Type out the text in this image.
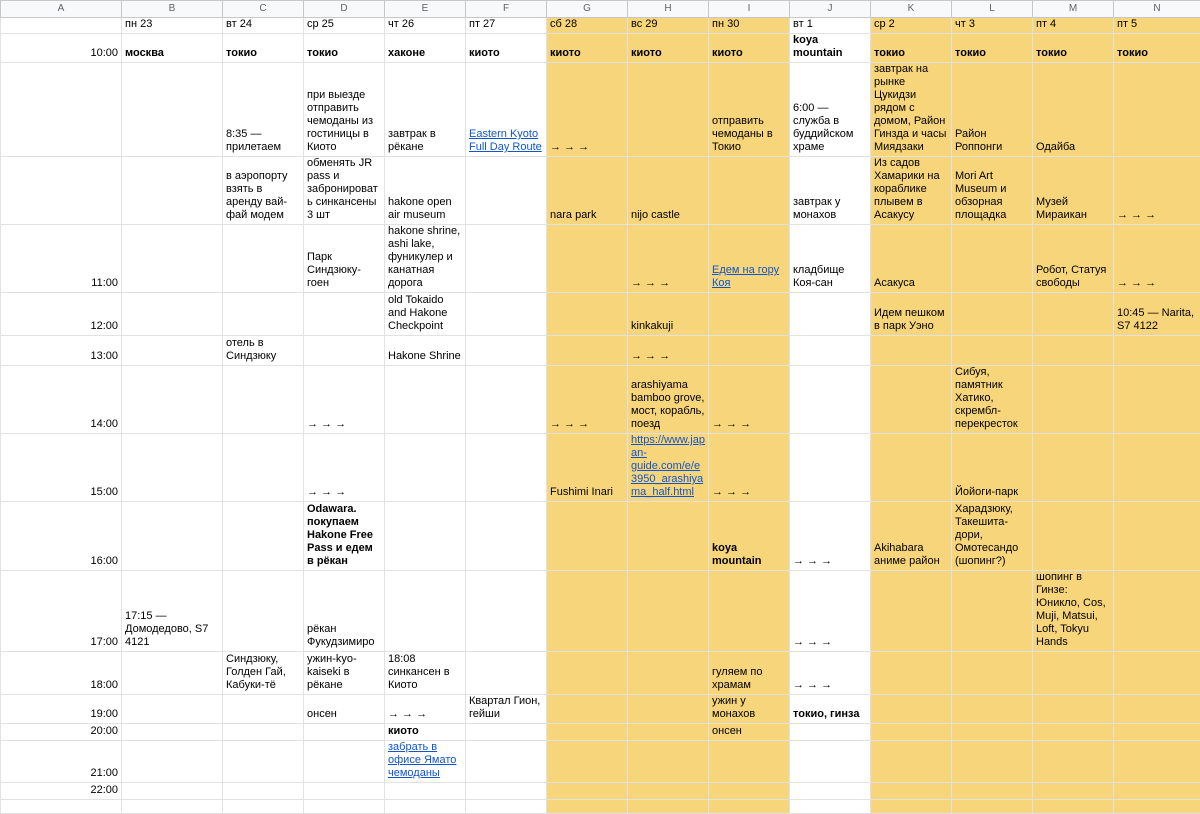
A	B	C	D	E	F	G	H	I	J	K	L	M	N
	пн 23	вт 24	ср 25	чт 26	пт 27	сб 28	вс 29	пн 30	вт 1	ср 2	чт 3	пт 4	пт 5
10:00	москва	токио	токио	хаконе	киото	киото	киото	киото	koya mountain	токио	токио	токио	токио
		8:35 — прилетаем	при выезде отправить чемоданы из гостиницы в Киото	завтрак в рёкане	Eastern Kyoto Full Day Route	→ → →		отправить чемоданы в Токио	6:00 — служба в буддийском храме	завтрак на рынке Цукидзи рядом с домом, Район Гинзда и часы Миядзаки	Район Роппонги	Одайба	
		в аэропорту взять в аренду вай-фай модем	обменять JR pass и забронировать синкансены 3 шт	hakone open air museum		nara park	nijo castle		завтрак у монахов	Из садов Хамарики на кораблике плывем в Асакусу	Mori Art Museum и обзорная площадка	Музей Мираикан	→ → →
11:00			Парк Синдзюку-гоен	hakone shrine, ashi lake, фуникулер и канатная дорога			→ → →	Едем на гору Коя	кладбище Коя-сан	Асакуса		Робот, Статуя свободы	→ → →
12:00				old Tokaido and Hakone Checkpoint			kinkakuji			Идем пешком в парк Уэно			10:45 — Narita, S7 4122
13:00		отель в Синдзюку		Hakone Shrine			→ → →						
14:00			→ → →			→ → →	arashiyama bamboo grove, мост, корабль, поезд	→ → →			Сибуя, памятник Хатико, скрембл-перекресток		
15:00			→ → →			Fushimi Inari	https://www.japan-guide.com/e/e3950_arashiyama_half.html	→ → →			Йойоги-парк		
16:00			Odawara. покупаем Hakone Free Pass и едем в рёкан					koya mountain	→ → →	Akihabara аниме район	Харадзюку, Такешита-дори, Омотесандо (шопинг?)		
17:00	17:15 — Домодедово, S7 4121		рёкан Фукудзимиро						→ → →			шопинг в Гинзе: Юникло, Cos, Muji, Matsui, Loft, Tokyu Hands	
18:00		Синдзюку, Голден Гай, Кабуки-тё	ужин-kyo-kaiseki в рёкане	18:08 синкансен в Киото				гуляем по храмам	→ → →				
19:00			онсен	→ → →	Квартал Гион, гейши			ужин у монахов	токио, гинза				
20:00				киото				онсен					
21:00				забрать в офисе Ямато чемоданы									
22:00													
